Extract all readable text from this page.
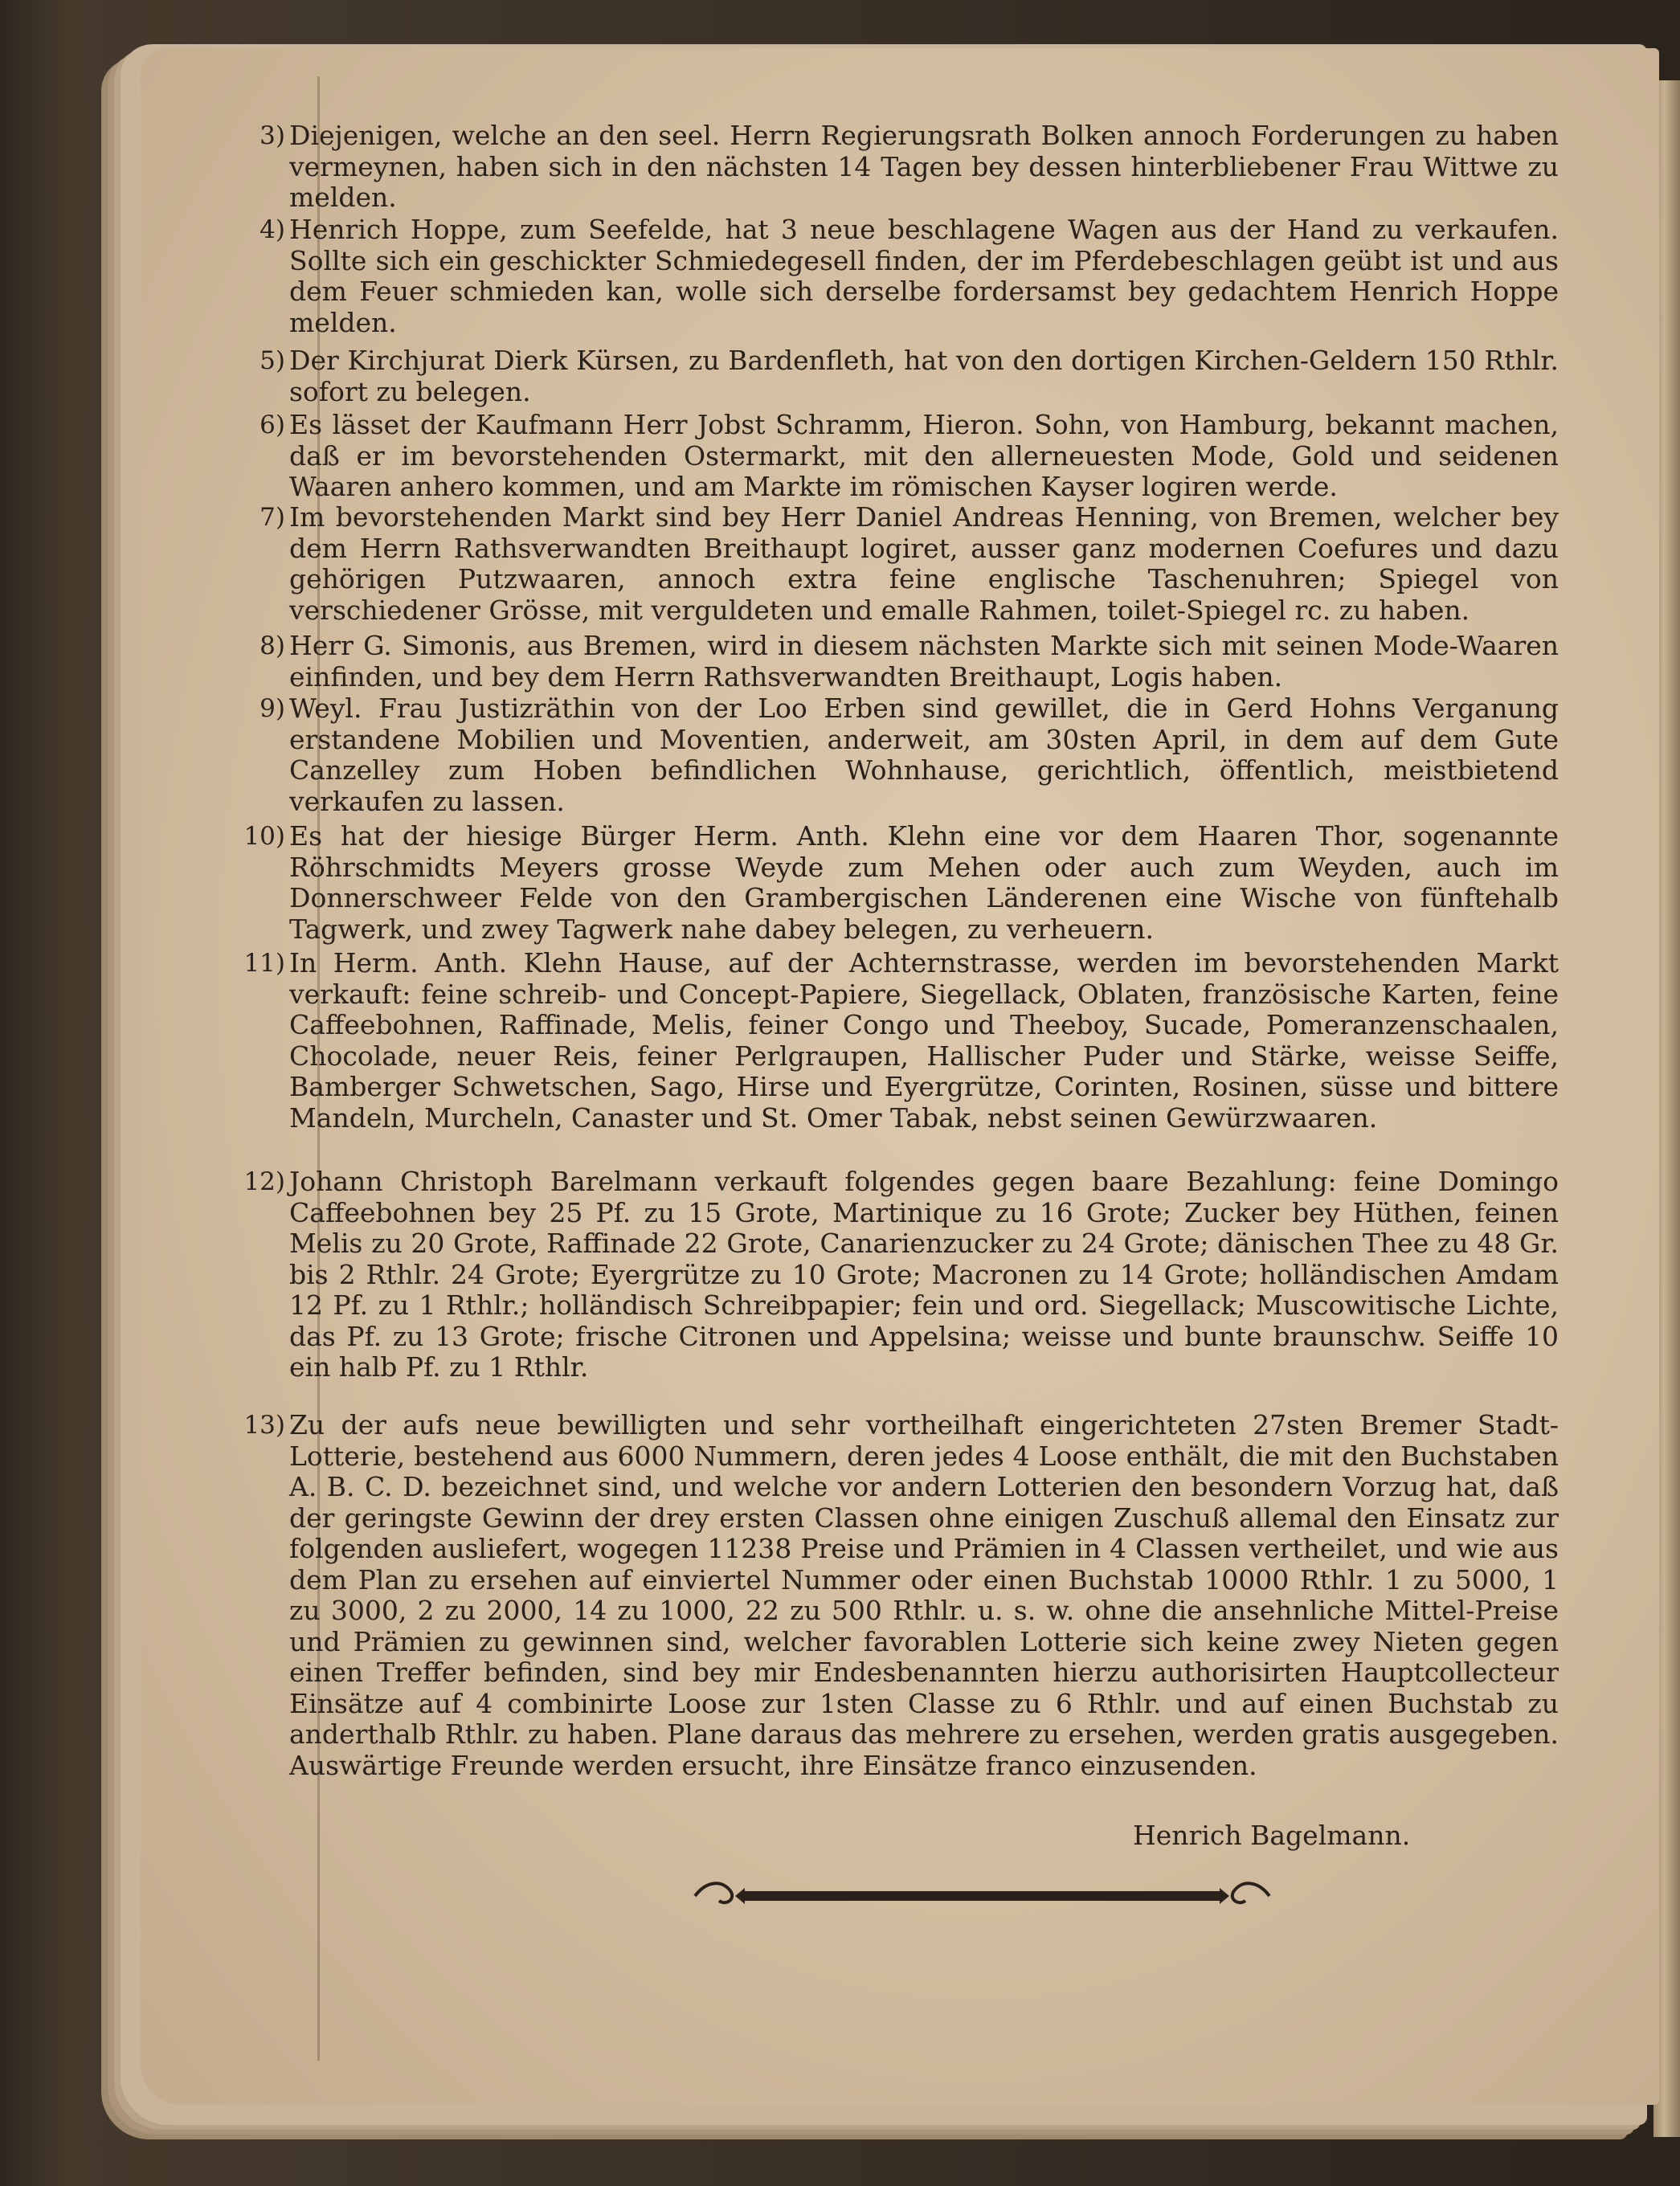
3) Diejenigen, welche an den seel. Herrn Regierungsrath Bolken annoch Forderungen zu haben vermeynen, haben sich in den nächsten 14 Tagen bey dessen hinterbliebener Frau Wittwe zu melden.
4) Henrich Hoppe, zum Seefelde, hat 3 neue beschlagene Wagen aus der Hand zu verkaufen. Sollte sich ein geschickter Schmiedegesell finden, der im Pferdebeschlagen geübt ist und aus dem Feuer schmieden kan, wolle sich derselbe fordersamst bey gedachtem Henrich Hoppe melden.
5) Der Kirchjurat Dierk Kürsen, zu Bardenfleth, hat von den dortigen Kirchen-Geldern 150 Rthlr. sofort zu belegen.
6) Es lässet der Kaufmann Herr Jobst Schramm, Hieron. Sohn, von Hamburg, bekannt machen, daß er im bevorstehenden Ostermarkt, mit den allerneuesten Mode, Gold und seidenen Waaren anhero kommen, und am Markte im römischen Kayser logiren werde.
7) Im bevorstehenden Markt sind bey Herr Daniel Andreas Henning, von Bremen, welcher bey dem Herrn Rathsverwandten Breithaupt logiret, ausser ganz modernen Coefures und dazu gehörigen Putzwaaren, annoch extra feine englische Taschenuhren; Spiegel von verschiedener Grösse, mit verguldeten und emalle Rahmen, toilet-Spiegel rc. zu haben.
8) Herr G. Simonis, aus Bremen, wird in diesem nächsten Markte sich mit seinen Mode-Waaren einfinden, und bey dem Herrn Rathsverwandten Breithaupt, Logis haben.
9) Weyl. Frau Justizräthin von der Loo Erben sind gewillet, die in Gerd Hohns Verganung erstandene Mobilien und Moventien, anderweit, am 30sten April, in dem auf dem Gute Canzelley zum Hoben befindlichen Wohnhause, gerichtlich, öffentlich, meistbietend verkaufen zu lassen.
10) Es hat der hiesige Bürger Herm. Anth. Klehn eine vor dem Haaren Thor, sogenannte Röhrschmidts Meyers grosse Weyde zum Mehen oder auch zum Weyden, auch im Donnerschweer Felde von den Grambergischen Länderenen eine Wische von fünftehalb Tagwerk, und zwey Tagwerk nahe dabey belegen, zu verheuern.
11) In Herm. Anth. Klehn Hause, auf der Achternstrasse, werden im bevorstehenden Markt verkauft: feine schreib- und Concept-Papiere, Siegellack, Oblaten, französische Karten, feine Caffeebohnen, Raffinade, Melis, feiner Congo und Theeboy, Sucade, Pomeranzenschaalen, Chocolade, neuer Reis, feiner Perlgraupen, Hallischer Puder und Stärke, weisse Seiffe, Bamberger Schwetschen, Sago, Hirse und Eyergrütze, Corinten, Rosinen, süsse und bittere Mandeln, Murcheln, Canaster und St. Omer Tabak, nebst seinen Gewürzwaaren.
12) Johann Christoph Barelmann verkauft folgendes gegen baare Bezahlung: feine Domingo Caffeebohnen bey 25 Pf. zu 15 Grote, Martinique zu 16 Grote; Zucker bey Hüthen, feinen Melis zu 20 Grote, Raffinade 22 Grote, Canarienzucker zu 24 Grote; dänischen Thee zu 48 Gr. bis 2 Rthlr. 24 Grote; Eyergrütze zu 10 Grote; Macronen zu 14 Grote; holländischen Amdam 12 Pf. zu 1 Rthlr.; holländisch Schreibpapier; fein und ord. Siegellack; Muscowitische Lichte, das Pf. zu 13 Grote; frische Citronen und Appelsina; weisse und bunte braunschw. Seiffe 10 ein halb Pf. zu 1 Rthlr.
13) Zu der aufs neue bewilligten und sehr vortheilhaft eingerichteten 27sten Bremer Stadt-Lotterie, bestehend aus 6000 Nummern, deren jedes 4 Loose enthält, die mit den Buchstaben A. B. C. D. bezeichnet sind, und welche vor andern Lotterien den besondern Vorzug hat, daß der geringste Gewinn der drey ersten Classen ohne einigen Zuschuß allemal den Einsatz zur folgenden ausliefert, wogegen 11238 Preise und Prämien in 4 Classen vertheilet, und wie aus dem Plan zu ersehen auf einviertel Nummer oder einen Buchstab 10000 Rthlr. 1 zu 5000, 1 zu 3000, 2 zu 2000, 14 zu 1000, 22 zu 500 Rthlr. u. s. w. ohne die ansehnliche Mittel-Preise und Prämien zu gewinnen sind, welcher favorablen Lotterie sich keine zwey Nieten gegen einen Treffer befinden, sind bey mir Endesbenannten hierzu authorisirten Hauptcollecteur Einsätze auf 4 combinirte Loose zur 1sten Classe zu 6 Rthlr. und auf einen Buchstab zu anderthalb Rthlr. zu haben. Plane daraus das mehrere zu ersehen, werden gratis ausgegeben. Auswärtige Freunde werden ersucht, ihre Einsätze franco einzusenden.
Henrich Bagelmann.
